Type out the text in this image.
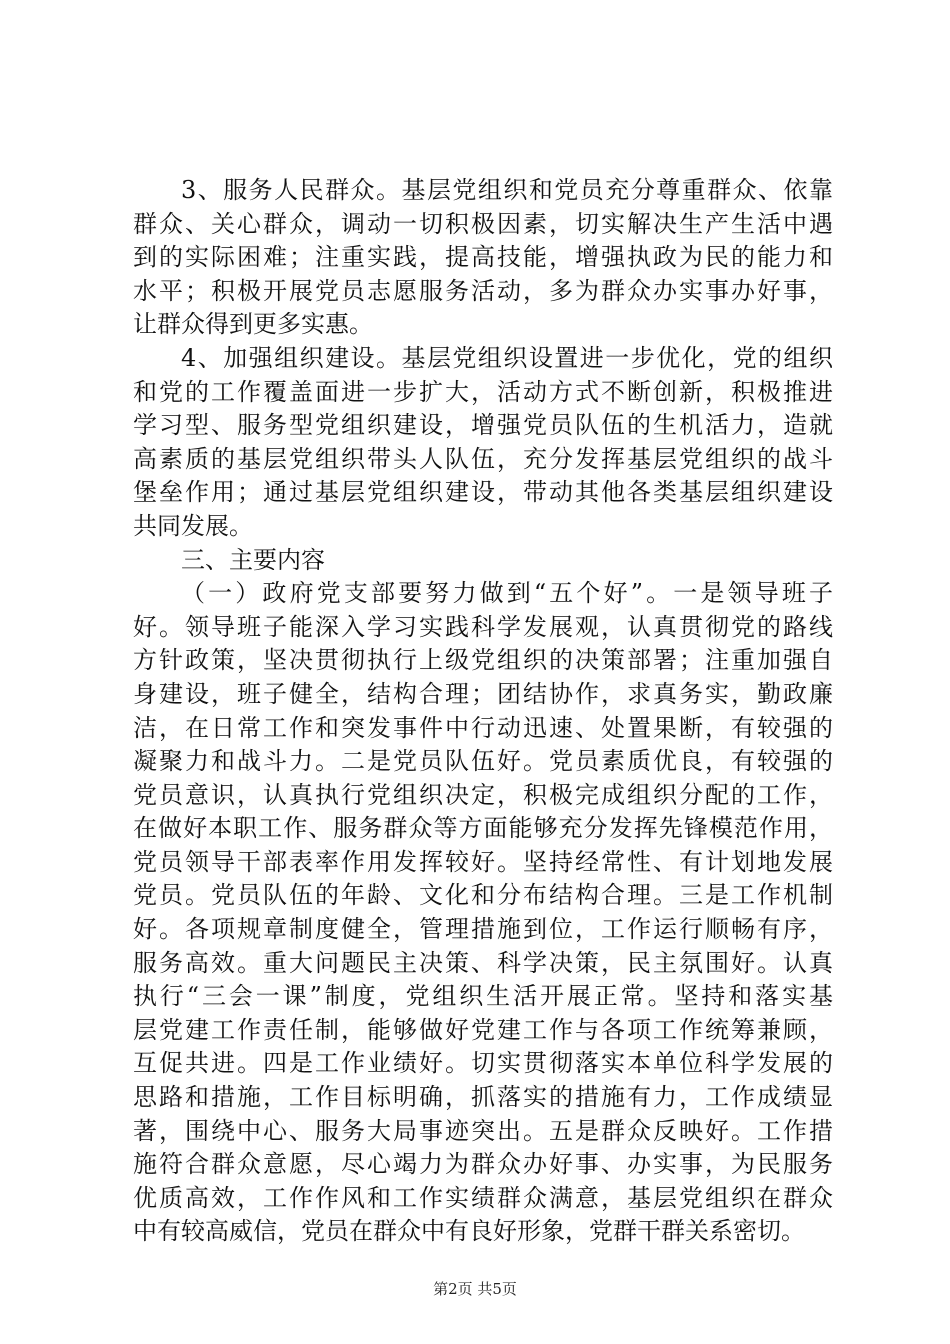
3、服务人民群众。基层党组织和党员充分尊重群众、依靠
群众、关心群众，调动一切积极因素，切实解决生产生活中遇
到的实际困难；注重实践，提高技能，增强执政为民的能力和
水平；积极开展党员志愿服务活动，多为群众办实事办好事，
让群众得到更多实惠。
4、加强组织建设。基层党组织设置进一步优化，党的组织
和党的工作覆盖面进一步扩大，活动方式不断创新，积极推进
学习型、服务型党组织建设，增强党员队伍的生机活力，造就
高素质的基层党组织带头人队伍，充分发挥基层党组织的战斗
堡垒作用；通过基层党组织建设，带动其他各类基层组织建设
共同发展。
三、主要内容
（一）政府党支部要努力做到“五个好”。一是领导班子
好。领导班子能深入学习实践科学发展观，认真贯彻党的路线
方针政策，坚决贯彻执行上级党组织的决策部署；注重加强自
身建设，班子健全，结构合理；团结协作，求真务实，勤政廉
洁，在日常工作和突发事件中行动迅速、处置果断，有较强的
凝聚力和战斗力。二是党员队伍好。党员素质优良，有较强的
党员意识，认真执行党组织决定，积极完成组织分配的工作，
在做好本职工作、服务群众等方面能够充分发挥先锋模范作用，
党员领导干部表率作用发挥较好。坚持经常性、有计划地发展
党员。党员队伍的年龄、文化和分布结构合理。三是工作机制
好。各项规章制度健全，管理措施到位，工作运行顺畅有序，
服务高效。重大问题民主决策、科学决策，民主氛围好。认真
执行“三会一课”制度，党组织生活开展正常。坚持和落实基
层党建工作责任制，能够做好党建工作与各项工作统筹兼顾，
互促共进。四是工作业绩好。切实贯彻落实本单位科学发展的
思路和措施，工作目标明确，抓落实的措施有力，工作成绩显
著，围绕中心、服务大局事迹突出。五是群众反映好。工作措
施符合群众意愿，尽心竭力为群众办好事、办实事，为民服务
优质高效，工作作风和工作实绩群众满意，基层党组织在群众
中有较高威信，党员在群众中有良好形象，党群干群关系密切。
第2页 共5页
